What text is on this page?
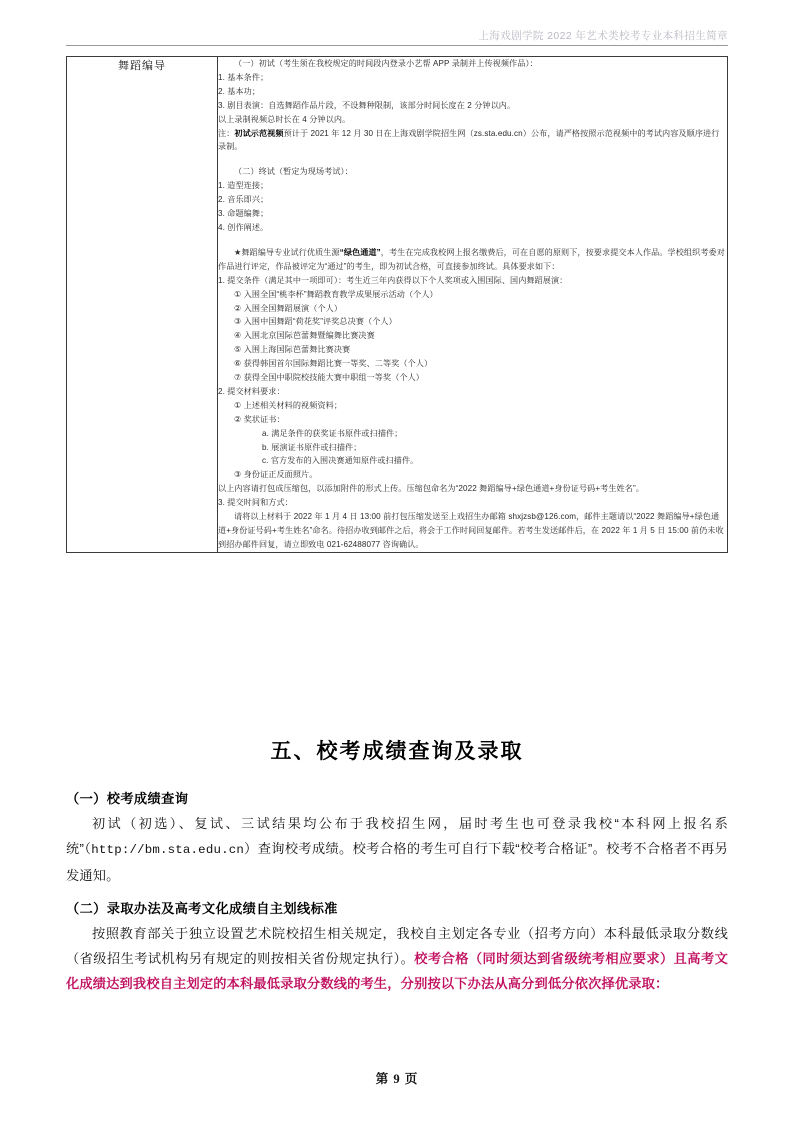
上海戏剧学院 2022 年艺术类校考专业本科招生简章
舞蹈编导	（一）初试（考生须在我校规定的时间段内登录小艺帮 APP 录制并上传视频作品）：

1. 基本条件；

2. 基本功；

3. 剧目表演：自选舞蹈作品片段，不设舞种限制，该部分时间长度在 2 分钟以内。

以上录制视频总时长在 4 分钟以内。

注：初试示范视频预计于 2021 年 12 月 30 日在上海戏剧学院招生网（zs.sta.edu.cn）公布，请严格按照示范视频中的考试内容及顺序进行录制。

（二）终试（暂定为现场考试）：

1. 造型连接；

2. 音乐即兴；

3. 命题编舞；

4. 创作阐述。

★舞蹈编导专业试行优质生源“绿色通道”，考生在完成我校网上报名缴费后，可在自愿的原则下，按要求提交本人作品。学校组织考委对作品进行评定，作品被评定为“通过”的考生，即为初试合格，可直接参加终试。具体要求如下：

1. 提交条件（满足其中一项即可）：考生近三年内获得以下个人奖项或入围国际、国内舞蹈展演：

① 入围全国“桃李杯”舞蹈教育教学成果展示活动（个人）

② 入围全国舞蹈展演（个人）

③ 入围中国舞蹈“荷花奖”评奖总决赛（个人）

④ 入围北京国际芭蕾舞暨编舞比赛决赛

⑤ 入围上海国际芭蕾舞比赛决赛

⑥ 获得韩国首尔国际舞蹈比赛一等奖、二等奖（个人）

⑦ 获得全国中职院校技能大赛中职组一等奖（个人）

2. 提交材料要求：

① 上述相关材料的视频资料；

② 奖状证书：

a. 满足条件的获奖证书原件或扫描件；

b. 展演证书原件或扫描件；

c. 官方发布的入围决赛通知原件或扫描件。

③ 身份证正反面照片。

以上内容请打包成压缩包，以添加附件的形式上传。压缩包命名为“2022 舞蹈编导+绿色通道+身份证号码+考生姓名”。

3. 提交时间和方式：

请将以上材料于 2022 年 1 月 4 日 13:00 前打包压缩发送至上戏招生办邮箱 shxjzsb@126.com，邮件主题请以“2022 舞蹈编导+绿色通道+身份证号码+考生姓名”命名。待招办收到邮件之后，将会于工作时间回复邮件。若考生发送邮件后，在 2022 年 1 月 5 日 15:00 前仍未收到招办邮件回复，请立即致电 021-62488077 咨询确认。

五、校考成绩查询及录取

（一）校考成绩查询

初试（初选）、复试、三试结果均公布于我校招生网，届时考生也可登录我校“本科网上报名系统”（http://bm.sta.edu.cn）查询校考成绩。校考合格的考生可自行下载“校考合格证”。校考不合格者不再另发通知。

（二）录取办法及高考文化成绩自主划线标准

按照教育部关于独立设置艺术院校招生相关规定，我校自主划定各专业（招考方向）本科最低录取分数线（省级招生考试机构另有规定的则按相关省份规定执行）。校考合格（同时须达到省级统考相应要求）且高考文化成绩达到我校自主划定的本科最低录取分数线的考生，分别按以下办法从高分到低分依次择优录取：

第 9 页
